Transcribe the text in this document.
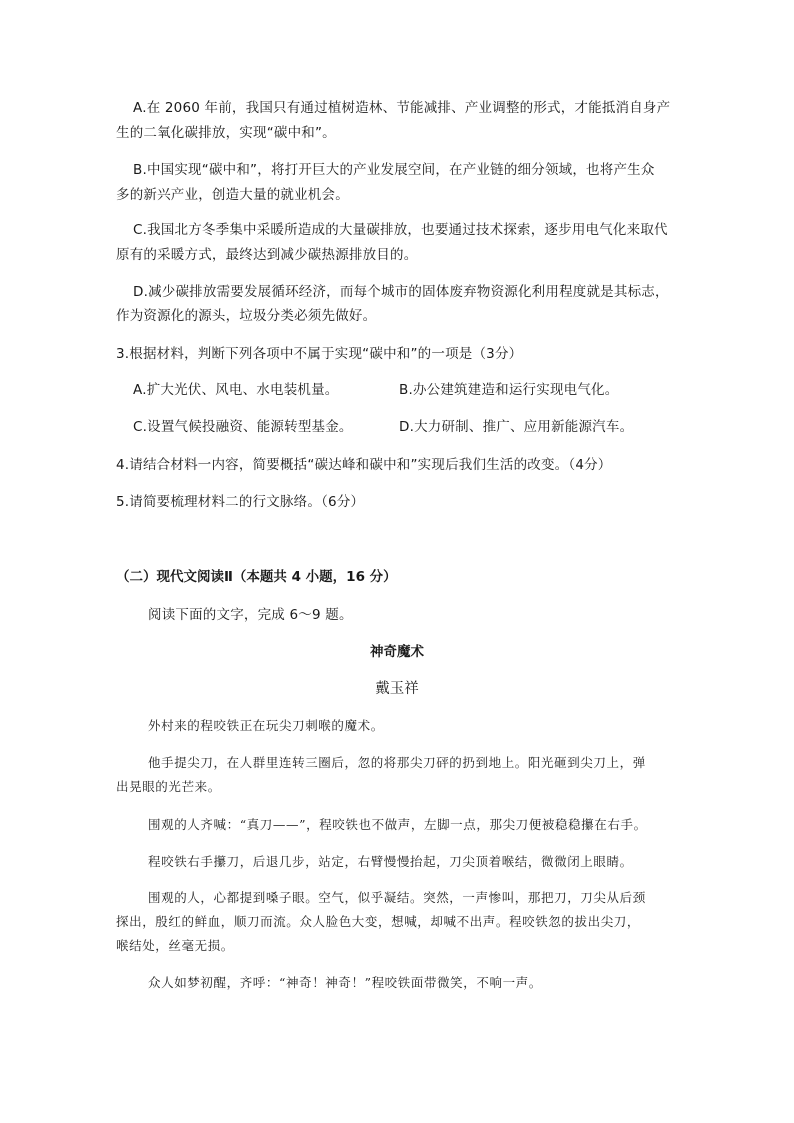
A.在 2060 年前，我国只有通过植树造林、节能减排、产业调整的形式，才能抵消自身产
生的二氧化碳排放，实现“碳中和”。
B.中国实现“碳中和”，将打开巨大的产业发展空间，在产业链的细分领域，也将产生众
多的新兴产业，创造大量的就业机会。
C.我国北方冬季集中采暖所造成的大量碳排放，也要通过技术探索，逐步用电气化来取代
原有的采暖方式，最终达到减少碳热源排放目的。
D.减少碳排放需要发展循环经济，而每个城市的固体废弃物资源化利用程度就是其标志，
作为资源化的源头，垃圾分类必须先做好。
3.根据材料，判断下列各项中不属于实现“碳中和”的一项是（3分）
A.扩大光伏、风电、水电装机量。	B.办公建筑建造和运行实现电气化。
C.设置气候投融资、能源转型基金。	D.大力研制、推广、应用新能源汽车。
4.请结合材料一内容，简要概括“碳达峰和碳中和”实现后我们生活的改变。（4分）
5.请简要梳理材料二的行文脉络。（6分）
（二）现代文阅读Ⅱ（本题共 4 小题，16 分）
阅读下面的文字，完成 6～9 题。
神奇魔术
戴玉祥
外村来的程咬铁正在玩尖刀刺喉的魔术。
他手提尖刀，在人群里连转三圈后，忽的将那尖刀砰的扔到地上。阳光砸到尖刀上，弹
出晃眼的光芒来。
围观的人齐喊：“真刀——”，程咬铁也不做声，左脚一点，那尖刀便被稳稳攥在右手。
程咬铁右手攥刀，后退几步，站定，右臂慢慢抬起，刀尖顶着喉结，微微闭上眼睛。
围观的人，心都提到嗓子眼。空气，似乎凝结。突然，一声惨叫，那把刀，刀尖从后颈
探出，殷红的鲜血，顺刀而流。众人脸色大变，想喊，却喊不出声。程咬铁忽的拔出尖刀，
喉结处，丝毫无损。
众人如梦初醒，齐呼：“神奇！神奇！”程咬铁面带微笑，不响一声。
